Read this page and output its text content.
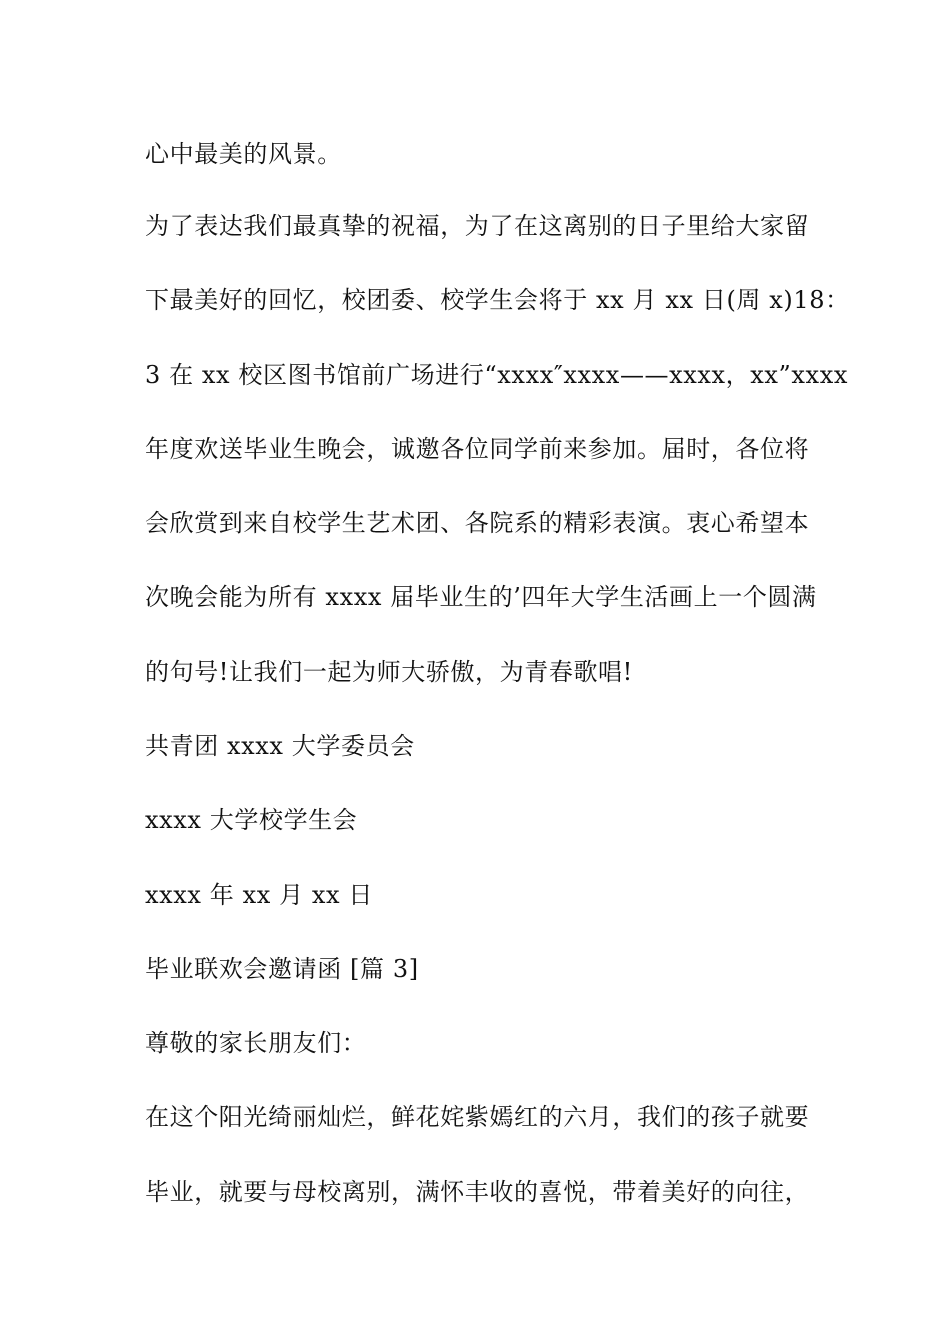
心中最美的风景。
为了表达我们最真挚的祝福，为了在这离别的日子里给大家留
下最美好的回忆，校团委、校学生会将于 xx 月 xx 日(周 x)18：
3 在 xx 校区图书馆前广场进行“xxxx″xxxx——xxxx，xx”xxxx
年度欢送毕业生晚会，诚邀各位同学前来参加。届时，各位将
会欣赏到来自校学生艺术团、各院系的精彩表演。衷心希望本
次晚会能为所有 xxxx 届毕业生的’四年大学生活画上一个圆满
的句号!让我们一起为师大骄傲，为青春歌唱!
共青团 xxxx 大学委员会
xxxx 大学校学生会
xxxx 年 xx 月 xx 日
毕业联欢会邀请函 [篇 3]
尊敬的家长朋友们：
在这个阳光绮丽灿烂，鲜花姹紫嫣红的六月，我们的孩子就要
毕业，就要与母校离别，满怀丰收的喜悦，带着美好的向往，
